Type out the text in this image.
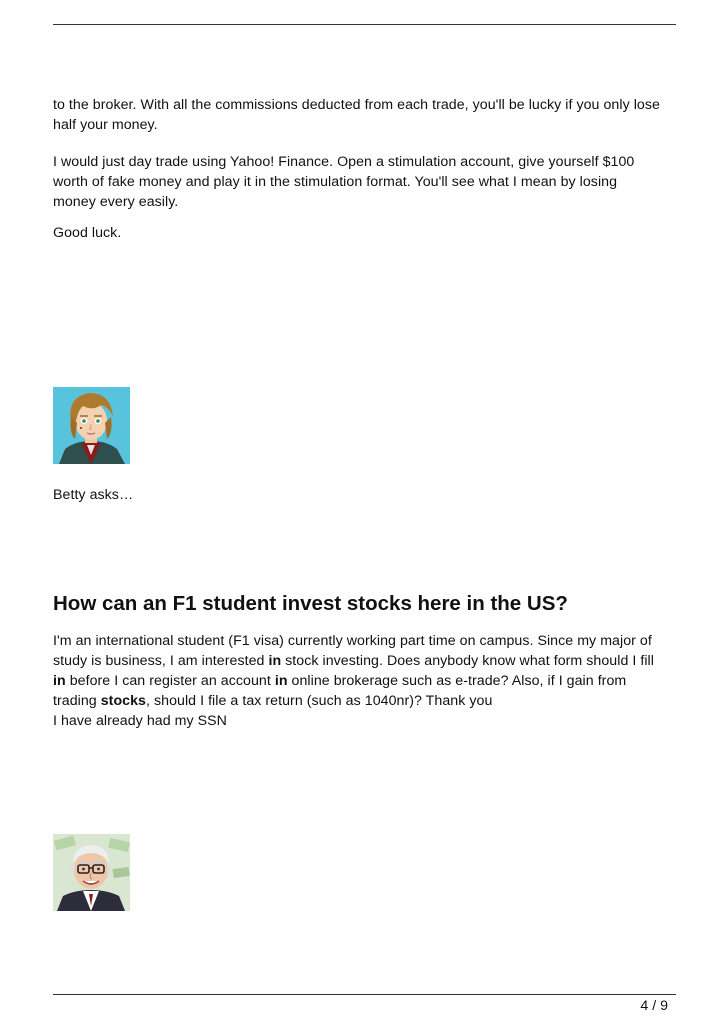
to the broker. With all the commissions deducted from each trade, you'll be lucky if you only lose half your money.

I would just day trade using Yahoo! Finance. Open a stimulation account, give yourself $100
worth of fake money and play it in the stimulation format. You'll see what I mean by losing
money every easily.

Good luck.

Betty asks…

How can an F1 student invest stocks here in the US?

I'm an international student (F1 visa) currently working part time on campus. Since my major of
study is business, I am interested in stock investing. Does anybody know what form should I fill
in before I can register an account in online brokerage such as e-trade? Also, if I gain from
trading stocks, should I file a tax return (such as 1040nr)? Thank you
I have already had my SSN

4 / 9
